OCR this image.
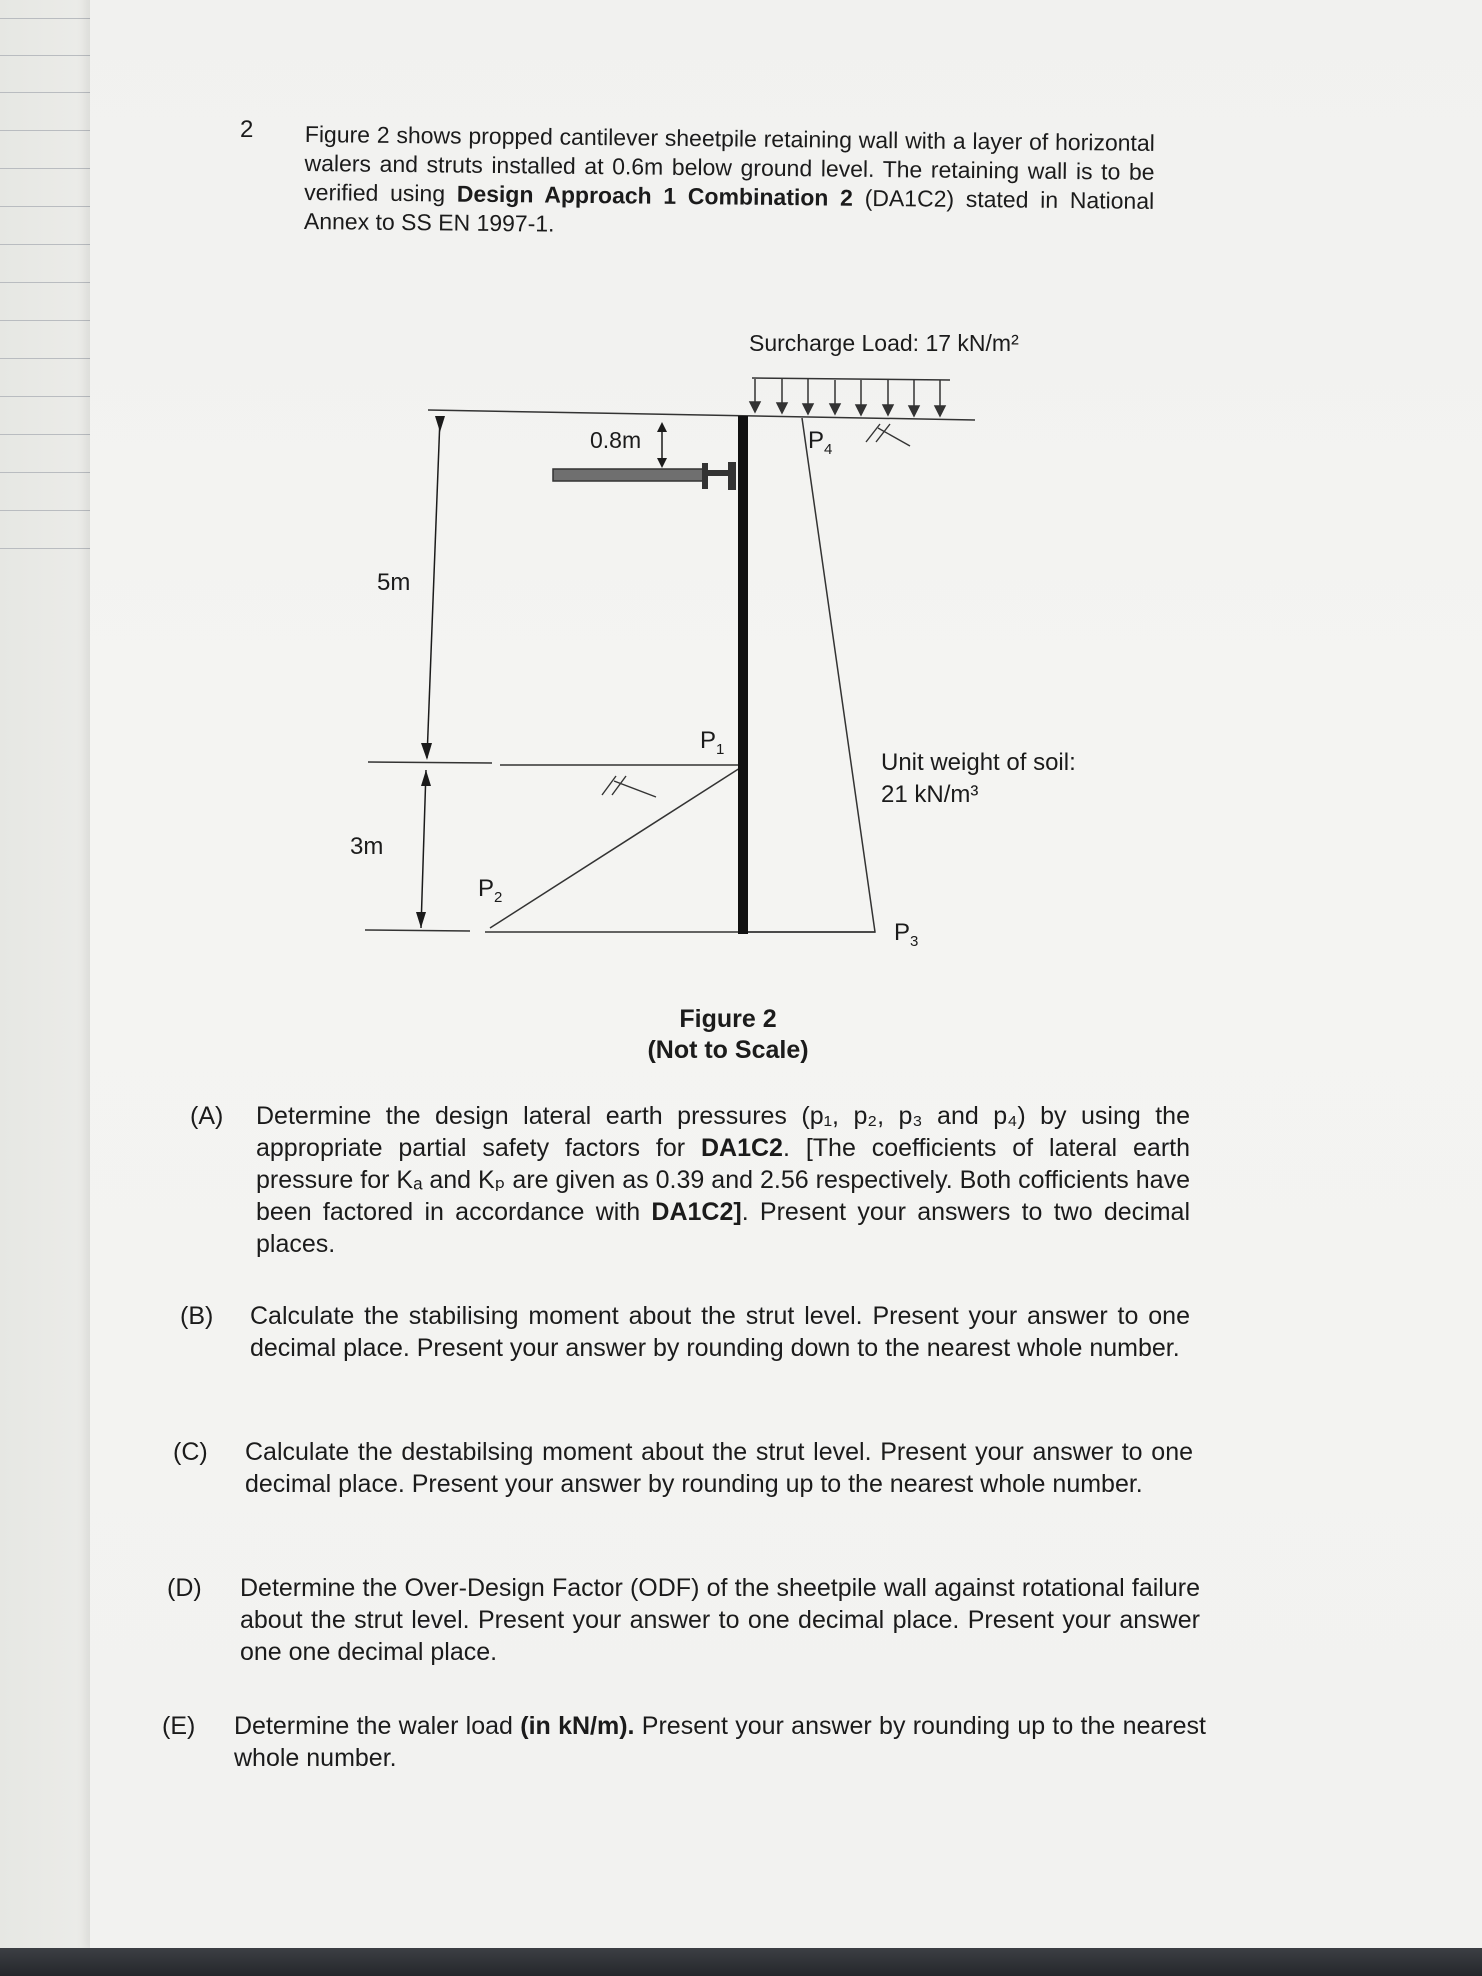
2 Figure 2 shows propped cantilever sheetpile retaining wall with a layer of horizontal walers and struts installed at 0.6m below ground level. The retaining wall is to be verified using Design Approach 1 Combination 2 (DA1C2) stated in National Annex to SS EN 1997-1.
Surcharge Load: 17 kN/m²
0.8m
5m
3m
$P_4$
$P_1$
$P_2$
$P_3$
Unit weight of soil:
21 kN/m³
Figure 2
(Not to Scale)
(A) Determine the design lateral earth pressures (p₁, p₂, p₃ and p₄) by using the appropriate partial safety factors for DA1C2. [The coefficients of lateral earth pressure for Kₐ and Kₚ are given as 0.39 and 2.56 respectively. Both cofficients have been factored in accordance with DA1C2]. Present your answers to two decimal places.
(B) Calculate the stabilising moment about the strut level. Present your answer to one decimal place. Present your answer by rounding down to the nearest whole number.
(C) Calculate the destabilsing moment about the strut level. Present your answer to one decimal place. Present your answer by rounding up to the nearest whole number.
(D) Determine the Over-Design Factor (ODF) of the sheetpile wall against rotational failure about the strut level. Present your answer to one decimal place. Present your answer one one decimal place.
(E) Determine the waler load (in kN/m). Present your answer by rounding up to the nearest whole number.
